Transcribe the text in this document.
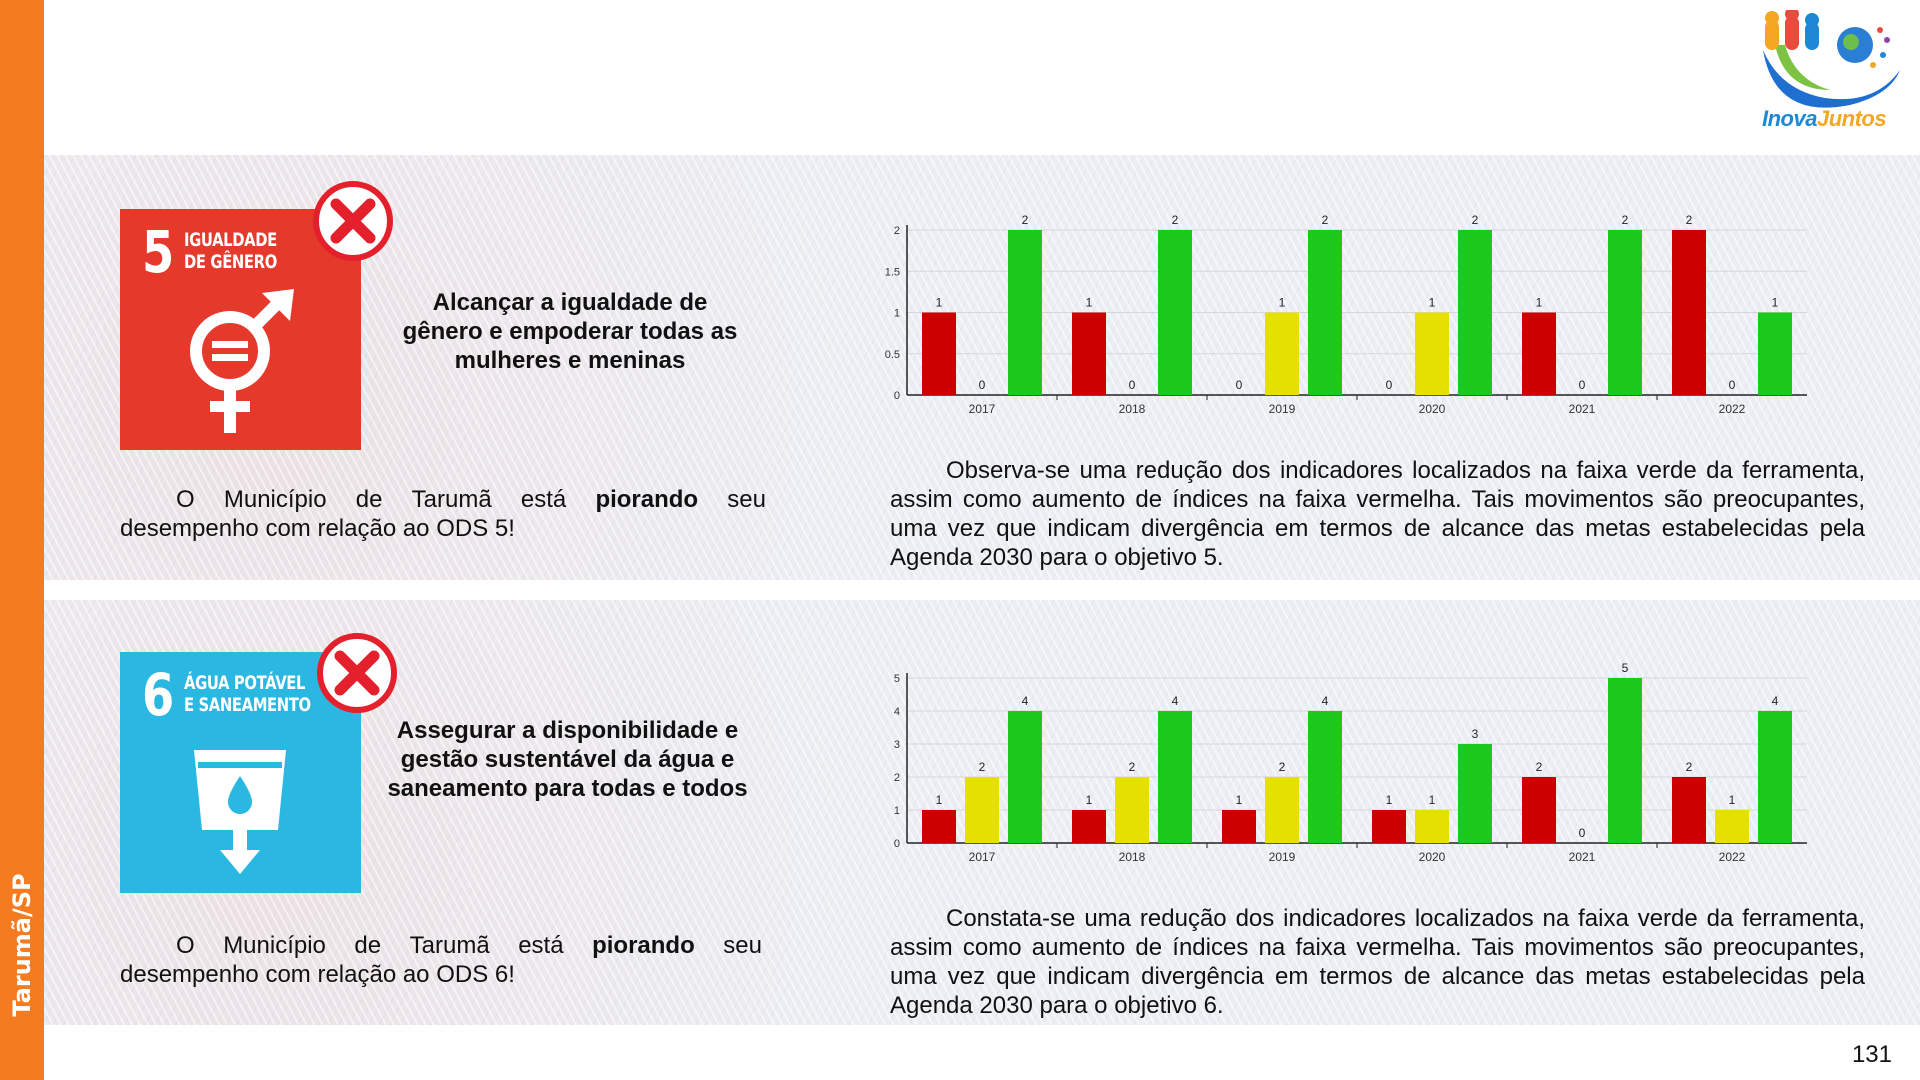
Tarumã/SP
InovaJuntos
5 IGUALDADE
DE GÊNERO
Alcançar a igualdade de gênero e empoderar todas as mulheres e meninas
O Município de Tarumã está piorando seu
desempenho com relação ao ODS 5!
0
0.5
1
1.5
2
1
0
2
2017
1
0
2
2018
0
1
2
2019
0
1
2
2020
1
0
2
2021
2
0
1
2022
Observa-se uma redução dos indicadores localizados na faixa verde da ferramenta, assim como aumento de índices na faixa vermelha. Tais movimentos são preocupantes, uma vez que indicam divergência em termos de alcance das metas estabelecidas pela Agenda 2030 para o objetivo 5.
6 ÁGUA POTÁVEL
E SANEAMENTO
Assegurar a disponibilidade e gestão sustentável da água e saneamento para todas e todos
O Município de Tarumã está piorando seu
desempenho com relação ao ODS 6!
0
1
2
3
4
5
1
2
4
2017
1
2
4
2018
1
2
4
2019
1	1
3
2020
2
0
5
2021
2
1
4
2022
Constata-se uma redução dos indicadores localizados na faixa verde da ferramenta, assim como aumento de índices na faixa vermelha. Tais movimentos são preocupantes, uma vez que indicam divergência em termos de alcance das metas estabelecidas pela Agenda 2030 para o objetivo 6.
131
